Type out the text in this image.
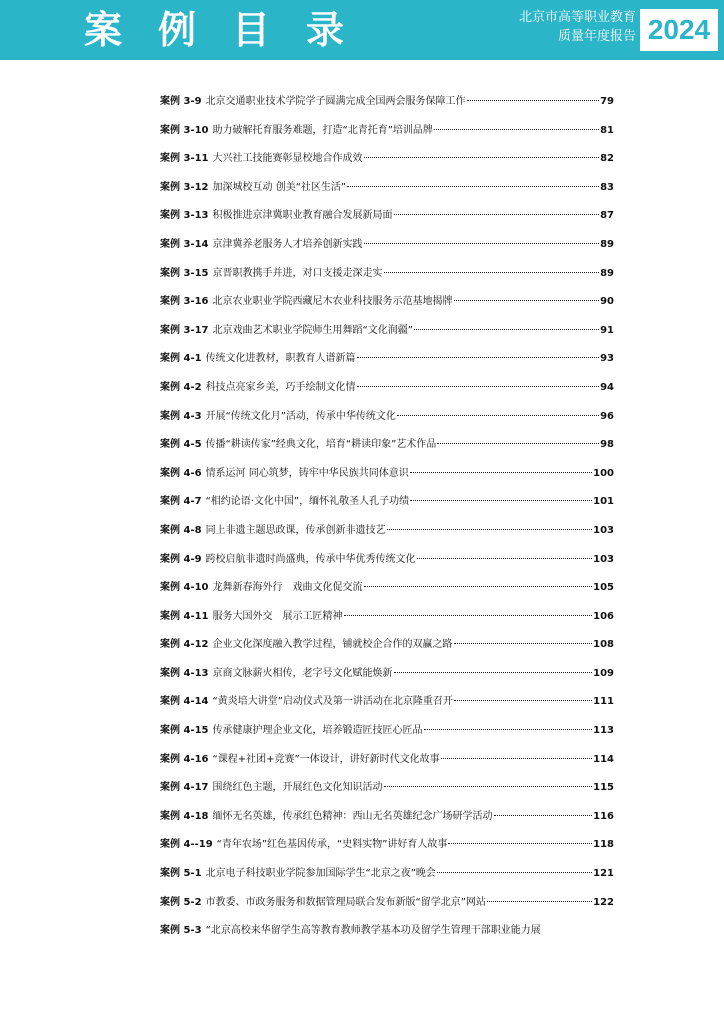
案例目录	北京市高等职业教育
质量年度报告 2024
案例 3-9 北京交通职业技术学院学子圆满完成全国两会服务保障工作	79
案例 3-10 助力破解托育服务难题，打造“北青托育”培训品牌	81
案例 3-11 大兴社工技能赛彰显校地合作成效	82
案例 3-12 加深城校互动 创美“社区生活”	83
案例 3-13 积极推进京津冀职业教育融合发展新局面	87
案例 3-14 京津冀养老服务人才培养创新实践	89
案例 3-15 京晋职教携手并进，对口支援走深走实	89
案例 3-16 北京农业职业学院西藏尼木农业科技服务示范基地揭牌	90
案例 3-17 北京戏曲艺术职业学院师生用舞蹈“文化润疆”	91
案例 4-1 传统文化进教材，职教育人谱新篇	93
案例 4-2 科技点亮家乡美，巧手绘制文化情	94
案例 4-3 开展“传统文化月”活动，传承中华传统文化	96
案例 4-5 传播“耕读传家”经典文化，培育“耕读印象”艺术作品	98
案例 4-6 情系运河 同心筑梦，铸牢中华民族共同体意识	100
案例 4-7 “相约论语·文化中国”，缅怀礼敬圣人孔子功绩	101
案例 4-8 同上非遗主题思政课，传承创新非遗技艺	103
案例 4-9 跨校启航非遗时尚盛典，传承中华优秀传统文化	103
案例 4-10 龙舞新春海外行　戏曲文化促交流	105
案例 4-11 服务大国外交　展示工匠精神	106
案例 4-12 企业文化深度融入教学过程，铺就校企合作的双赢之路	108
案例 4-13 京商文脉薪火相传，老字号文化赋能焕新	109
案例 4-14 “黄炎培大讲堂”启动仪式及第一讲活动在北京隆重召开	111
案例 4-15 传承健康护理企业文化，培养锻造匠技匠心匠品	113
案例 4-16 “课程+社团+竞赛”一体设计，讲好新时代文化故事	114
案例 4-17 围绕红色主题，开展红色文化知识活动	115
案例 4-18 缅怀无名英雄，传承红色精神：西山无名英雄纪念广场研学活动	116
案例 4--19 “青年农场”红色基因传承，“史料实物”讲好育人故事	118
案例 5-1 北京电子科技职业学院参加国际学生“北京之夜”晚会	121
案例 5-2 市教委、市政务服务和数据管理局联合发布新版“留学北京”网站	122
案例 5-3 “北京高校来华留学生高等教育教师教学基本功及留学生管理干部职业能力展
